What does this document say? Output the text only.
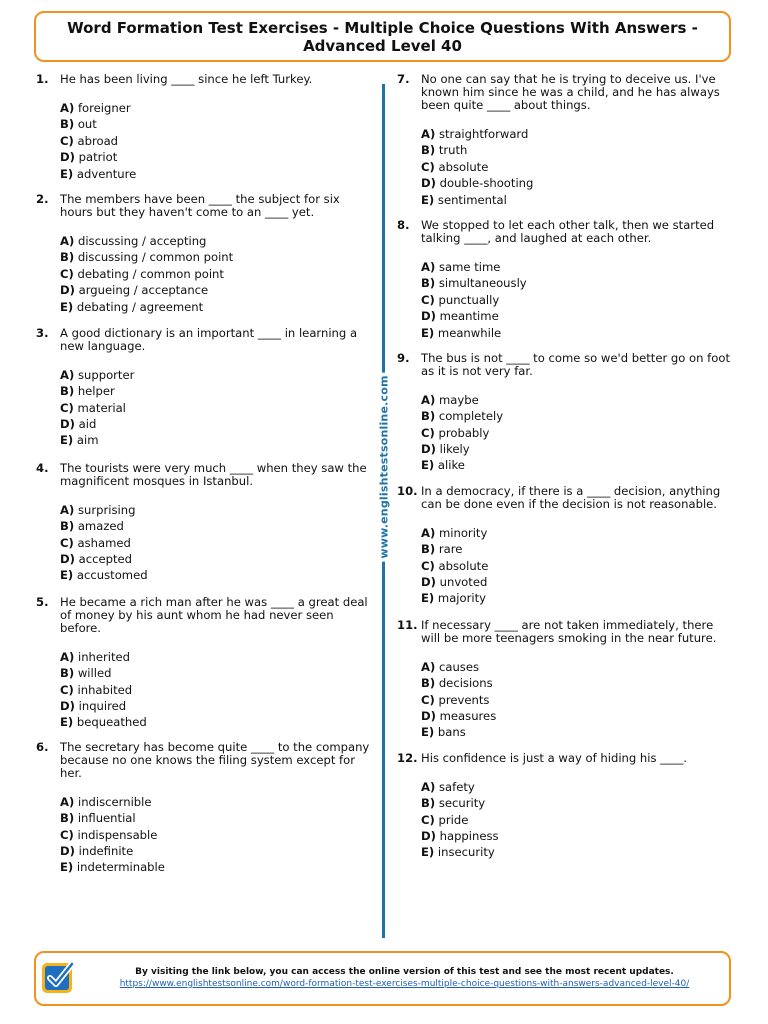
Word Formation Test Exercises - Multiple Choice Questions With Answers -
Advanced Level 40
1. He has been living ____ since he left Turkey.
A) foreigner
B) out
C) abroad
D) patriot
E) adventure
2. The members have been ____ the subject for six hours but they haven't come to an ____ yet.
A) discussing / accepting
B) discussing / common point
C) debating / common point
D) argueing / acceptance
E) debating / agreement
3. A good dictionary is an important ____ in learning a new language.
A) supporter
B) helper
C) material
D) aid
E) aim
4. The tourists were very much ____ when they saw the magnificent mosques in Istanbul.
A) surprising
B) amazed
C) ashamed
D) accepted
E) accustomed
5. He became a rich man after he was ____ a great deal of money by his aunt whom he had never seen before.
A) inherited
B) willed
C) inhabited
D) inquired
E) bequeathed
6. The secretary has become quite ____ to the company because no one knows the filing system except for her.
A) indiscernible
B) influential
C) indispensable
D) indefinite
E) indeterminable
7. No one can say that he is trying to deceive us. I've known him since he was a child, and he has always been quite ____ about things.
A) straightforward
B) truth
C) absolute
D) double-shooting
E) sentimental
8. We stopped to let each other talk, then we started talking ____, and laughed at each other.
A) same time
B) simultaneously
C) punctually
D) meantime
E) meanwhile
9. The bus is not ____ to come so we'd better go on foot as it is not very far.
A) maybe
B) completely
C) probably
D) likely
E) alike
10. In a democracy, if there is a ____ decision, anything can be done even if the decision is not reasonable.
A) minority
B) rare
C) absolute
D) unvoted
E) majority
11. If necessary ____ are not taken immediately, there will be more teenagers smoking in the near future.
A) causes
B) decisions
C) prevents
D) measures
E) bans
12. His confidence is just a way of hiding his ____.
A) safety
B) security
C) pride
D) happiness
E) insecurity
www.englishtestsonline.com
By visiting the link below, you can access the online version of this test and see the most recent updates.
https://www.englishtestsonline.com/word-formation-test-exercises-multiple-choice-questions-with-answers-advanced-level-40/
